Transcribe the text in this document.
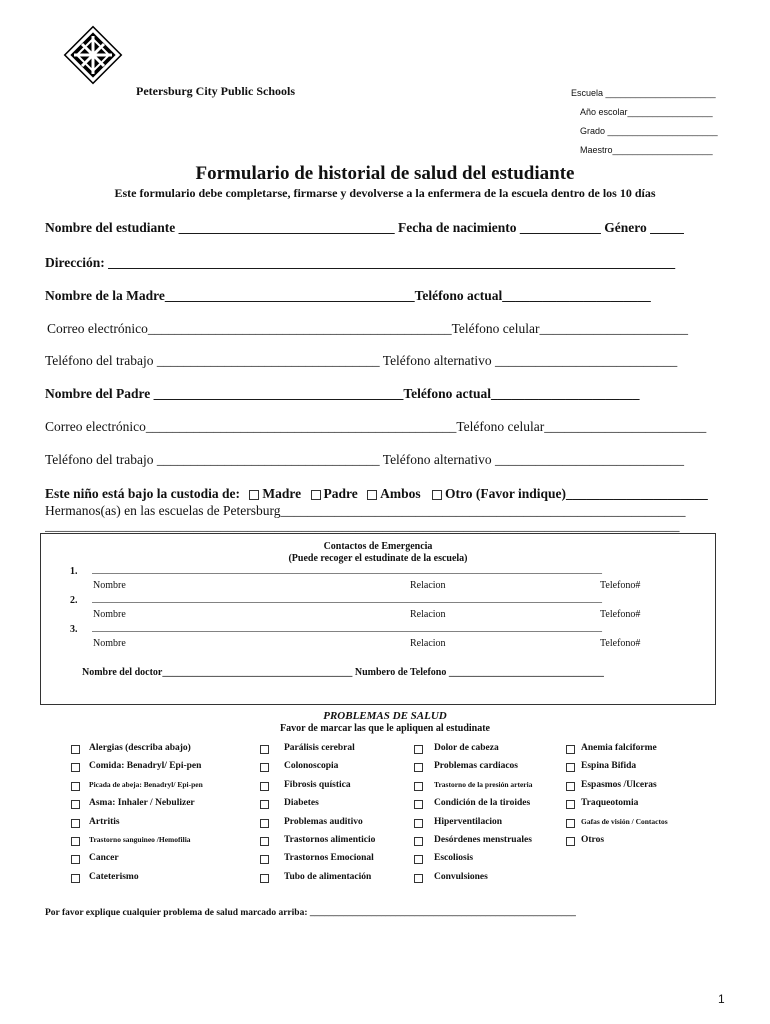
Petersburg City Public Schools	Escuela ______________________
Año escolar_________________
Grado ______________________
Maestro____________________
Formulario de historial de salud del estudiante
Este formulario debe completarse, firmarse y devolverse a la enfermera de la escuela dentro de los 10 días
Nombre del estudiante ________________________________ Fecha de nacimiento ____________ Género _____
Dirección: ____________________________________________________________________________________
Nombre de la Madre_____________________________________Teléfono actual______________________
Correo electrónico_____________________________________________Teléfono celular______________________
Teléfono del trabajo _________________________________ Teléfono alternativo ___________________________
Nombre del Padre _____________________________________Teléfono actual______________________
Correo electrónico______________________________________________Teléfono celular________________________
Teléfono del trabajo _________________________________ Teléfono alternativo ____________________________
Este niño está bajo la custodia de: Madre Padre Ambos Otro (Favor indique)_____________________
Hermanos(as) en las escuelas de Petersburg____________________________________________________________
______________________________________________________________________________________________
Contactos de Emergencia
(Puede recoger el estudinate de la escuela)
1. ______________________________________________________________________________________________________
Nombre	Relacion	Telefono#
2. ______________________________________________________________________________________________________
Nombre	Relacion	Telefono#
3. ______________________________________________________________________________________________________
Nombre	Relacion	Telefono#
Nombre del doctor______________________________________ Numbero de Telefono _______________________________
PROBLEMAS DE SALUD
Favor de marcar las que le apliquen al estudinate
Alergias (describa abajo)
Comida: Benadryl/ Epi-pen
Picada de abeja: Benadryl/ Epi-pen
Asma: Inhaler / Nebulizer
Artritis
Trastorno sanguineo /Hemofilia
Cancer
Cateterismo
Parálisis cerebral
Colonoscopia
Fibrosis quística
Diabetes
Problemas auditivo
Trastornos alimenticio
Trastornos Emocional
Tubo de alimentación
Dolor de cabeza
Problemas cardiacos
Trastorno de la presión arteria
Condición de la tiroides
Hiperventilacion
Desórdenes menstruales
Escoliosis
Convulsiones
Anemia falciforme
Espina Bifida
Espasmos /Ulceras
Traqueotomia
Gafas de visión / Contactos
Otros
Por favor explique cualquier problema de salud marcado arriba: ________________________________________________________
1
